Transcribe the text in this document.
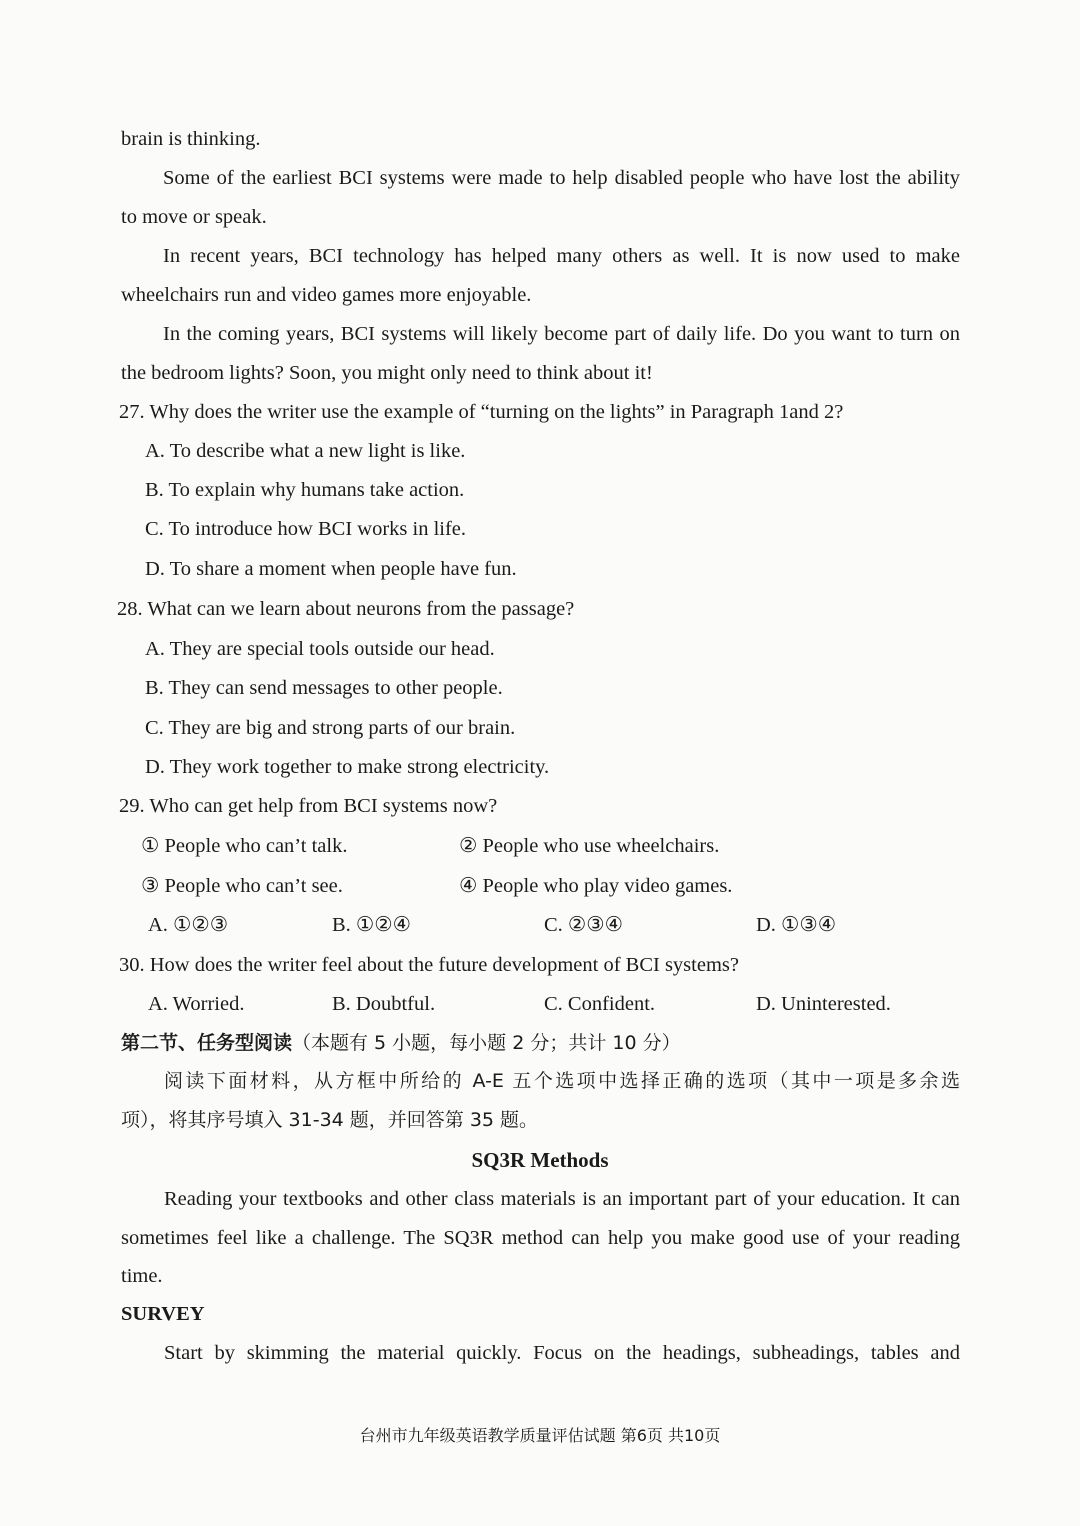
brain is thinking.
Some of the earliest BCI systems were made to help disabled people who have lost the ability
to move or speak.
In recent years, BCI technology has helped many others as well. It is now used to make
wheelchairs run and video games more enjoyable.
In the coming years, BCI systems will likely become part of daily life. Do you want to turn on
the bedroom lights? Soon, you might only need to think about it!
27. Why does the writer use the example of “turning on the lights” in Paragraph 1and 2?
A. To describe what a new light is like.
B. To explain why humans take action.
C. To introduce how BCI works in life.
D. To share a moment when people have fun.
28. What can we learn about neurons from the passage?
A. They are special tools outside our head.
B. They can send messages to other people.
C. They are big and strong parts of our brain.
D. They work together to make strong electricity.
29. Who can get help from BCI systems now?
① People who can’t talk.	② People who use wheelchairs.
③ People who can’t see.	④ People who play video games.
A. ①②③	B. ①②④	C. ②③④	D. ①③④
30. How does the writer feel about the future development of BCI systems?
A. Worried.	B. Doubtful.	C. Confident.	D. Uninterested.
第二节、任务型阅读（本题有 5 小题，每小题 2 分；共计 10 分）
阅读下面材料，从方框中所给的 A-E 五个选项中选择正确的选项（其中一项是多余选
项），将其序号填入 31-34 题，并回答第 35 题。
SQ3R Methods
Reading your textbooks and other class materials is an important part of your education. It can
sometimes feel like a challenge. The SQ3R method can help you make good use of your reading
time.
SURVEY
Start by skimming the material quickly. Focus on the headings, subheadings, tables and
台州市九年级英语教学质量评估试题 第6页 共10页
